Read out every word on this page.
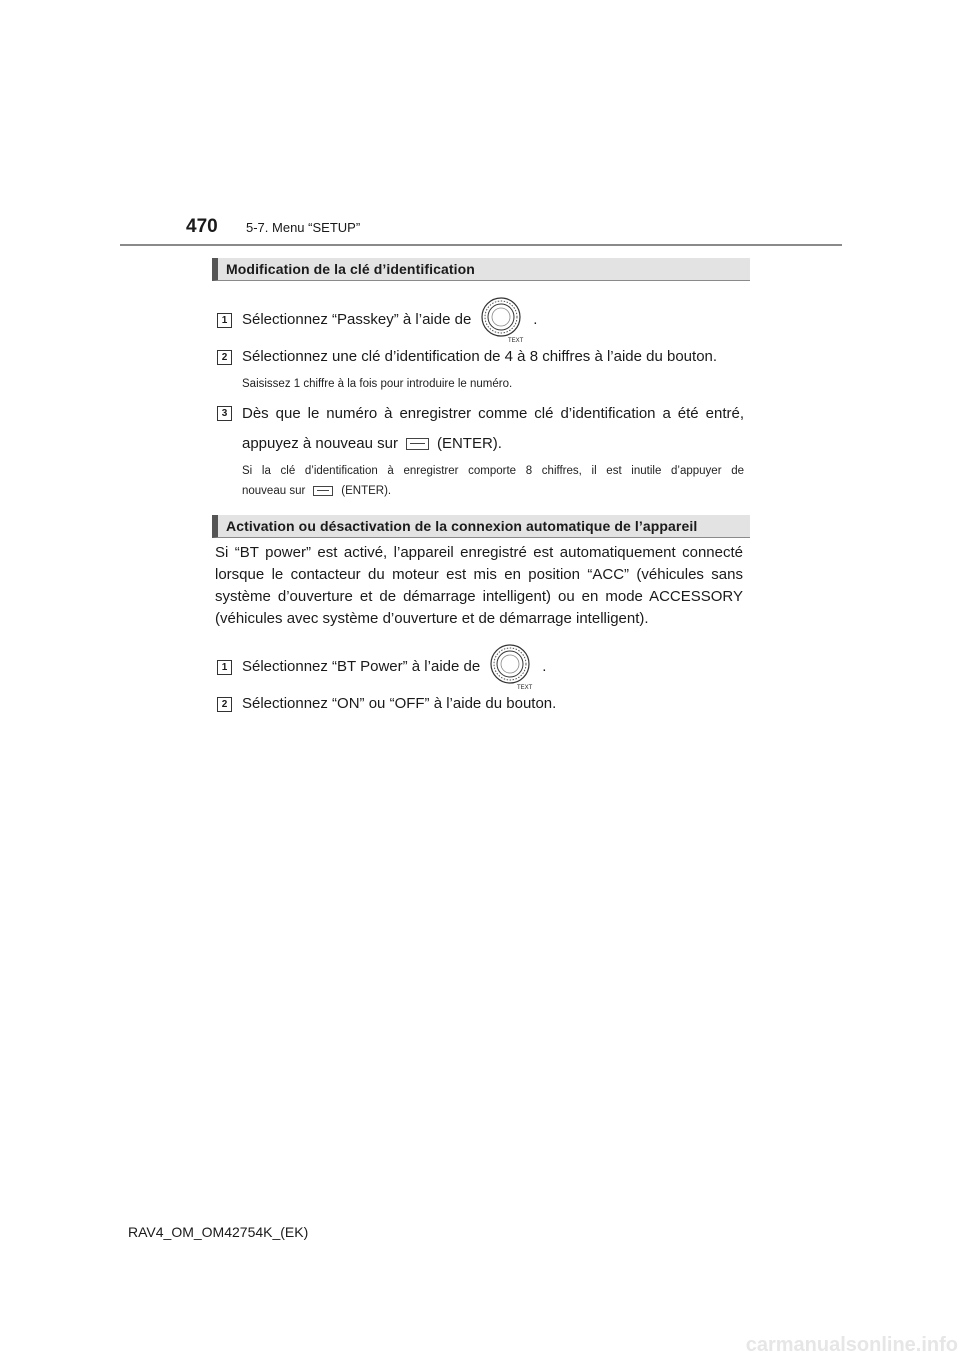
470 5-7. Menu “SETUP”
Modification de la clé d’identification
1 Sélectionnez “Passkey” à l’aide de
TEXT
.
2 Sélectionnez une clé d’identification de 4 à 8 chiffres à l’aide du bouton.
Saisissez 1 chiffre à la fois pour introduire le numéro.
3 Dès que le numéro à enregistrer comme clé d’identification a été entré,
appuyez à nouveau sur	(ENTER).
Si la clé d’identification à enregistrer comporte 8 chiffres, il est inutile d’appuyer de
nouveau sur	(ENTER).
Activation ou désactivation de la connexion automatique de l’appareil
Si “BT power” est activé, l’appareil enregistré est automatiquement connecté lorsque le contacteur du moteur est mis en position “ACC” (véhicules sans système d’ouverture et de démarrage intelligent) ou en mode ACCESSORY (véhicules avec système d’ouverture et de démarrage intelligent).
1 Sélectionnez “BT Power” à l’aide de
TEXT
.
2 Sélectionnez “ON” ou “OFF” à l’aide du bouton.
RAV4_OM_OM42754K_(EK)
carmanualsonline.info
